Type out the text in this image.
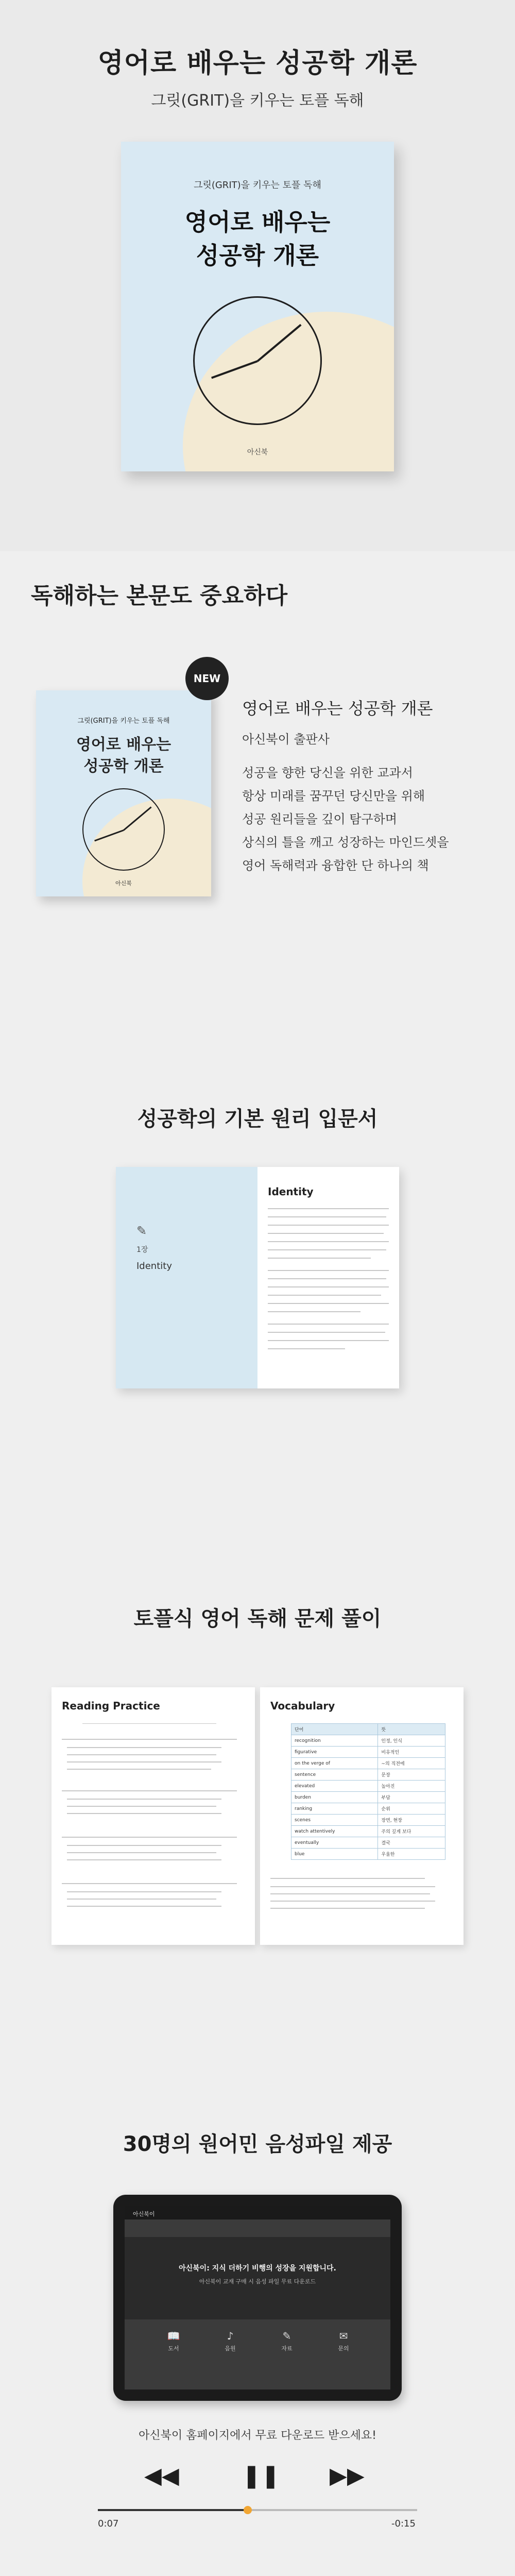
영어로 배우는 성공학 개론
그릿(GRIT)을 키우는 토플 독해
그릿(GRIT)을 키우는 토플 독해
영어로 배우는
성공학 개론
아신북
독해하는 본문도 중요하다
그릿(GRIT)을 키우는 토플 독해
영어로 배우는
성공학 개론
아신북
NEW
영어로 배우는 성공학 개론
아신북이 출판사
성공을 향한 당신을 위한 교과서
항상 미래를 꿈꾸던 당신만을 위해
성공 원리들을 깊이 탐구하며
상식의 틀을 깨고 성장하는 마인드셋을
영어 독해력과 융합한 단 하나의 책
성공학의 기본 원리 입문서
✎
1장
Identity
Identity
토플식 영어 독해 문제 풀이
Reading Practice	Vocabulary
단어	뜻
recognition	인정, 인식
figurative	비유적인
on the verge of	~의 직전에
sentence	문장
elevated	높아진
burden	부담
ranking	순위
scenes	장면, 현장
watch attentively	주의 깊게 보다
eventually	결국
blue	우울한
30명의 원어민 음성파일 제공
아신북이
아신북이: 지식 더하기 비행의 성장을 지원합니다.
아신북이 교재 구매 시 음성 파일 무료 다운로드
📖
도서
♪
음원
✎
자료
✉
문의
아신북이 홈페이지에서 무료 다운로드 받으세요!
◀◀	❚❚ ▶▶
0:07	-0:15
